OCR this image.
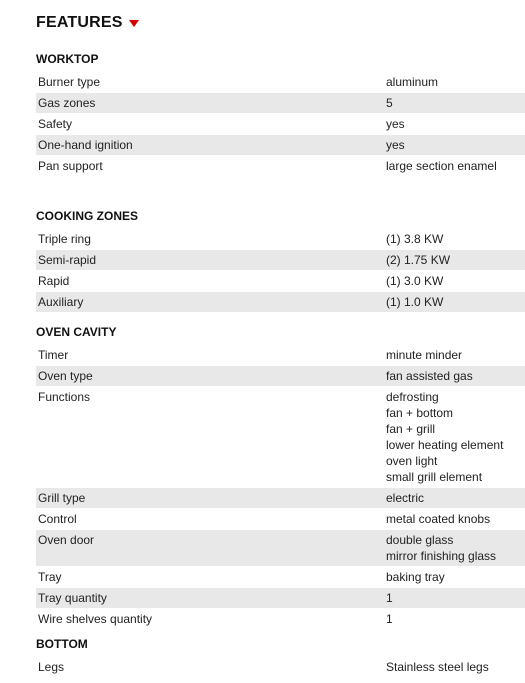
FEATURES
WORKTOP
Burner type	aluminum
Gas zones	5
Safety	yes
One-hand ignition	yes
Pan support	large section enamel
COOKING ZONES
Triple ring	(1) 3.8 KW
Semi-rapid	(2) 1.75 KW
Rapid	(1) 3.0 KW
Auxiliary	(1) 1.0 KW
OVEN CAVITY
Timer	minute minder
Oven type	fan assisted gas
Functions	defrosting
fan + bottom
fan + grill
lower heating element
oven light
small grill element
Grill type	electric
Control	metal coated knobs
Oven door	double glass
mirror finishing glass
Tray	baking tray
Tray quantity	1
Wire shelves quantity	1
BOTTOM
Legs	Stainless steel legs
